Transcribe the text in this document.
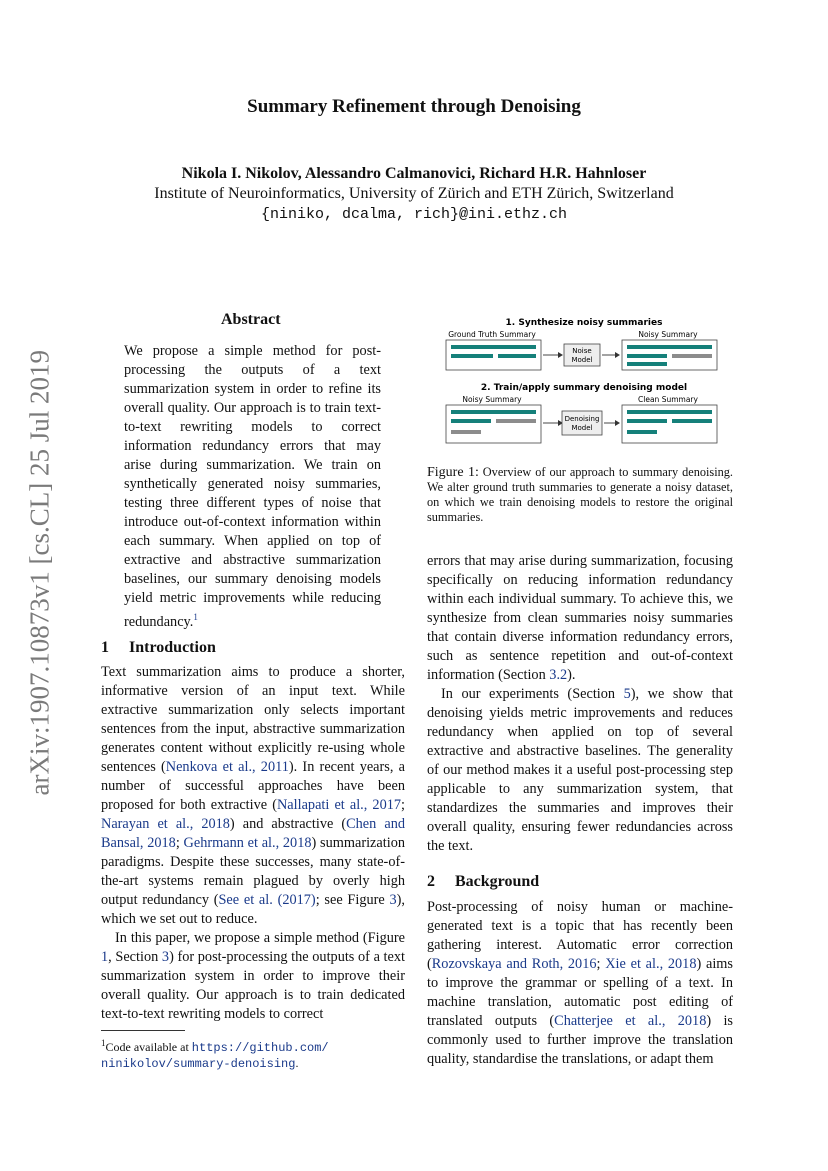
arXiv:1907.10873v1 [cs.CL] 25 Jul 2019
Summary Refinement through Denoising
Nikola I. Nikolov, Alessandro Calmanovici, Richard H.R. Hahnloser
Institute of Neuroinformatics, University of Zürich and ETH Zürich, Switzerland
{niniko, dcalma, rich}@ini.ethz.ch
Abstract
We propose a simple method for post-processing the outputs of a text summarization system in order to refine its overall quality. Our approach is to train text-to-text rewriting models to correct information redundancy errors that may arise during summarization. We train on synthetically generated noisy summaries, testing three different types of noise that introduce out-of-context information within each summary. When applied on top of extractive and abstractive summarization baselines, our summary denoising models yield metric improvements while reducing redundancy.$^1$
1 Introduction

Text summarization aims to produce a shorter, informative version of an input text. While extractive summarization only selects important sentences from the input, abstractive summarization generates content without explicitly re-using whole sentences (Nenkova et al., 2011). In recent years, a number of successful approaches have been proposed for both extractive (Nallapati et al., 2017; Narayan et al., 2018) and abstractive (Chen and Bansal, 2018; Gehrmann et al., 2018) summarization paradigms. Despite these successes, many state-of-the-art systems remain plagued by overly high output redundancy (See et al. (2017); see Figure 3), which we set out to reduce.

In this paper, we propose a simple method (Figure 1, Section 3) for post-processing the outputs of a text summarization system in order to improve their overall quality. Our approach is to train dedicated text-to-text rewriting models to correct

$^1$Code available at https://github.com/ ninikolov/summary-denoising.
1. Synthesize noisy summaries
Ground Truth Summary	Noisy Summary
Noise
Model
2. Train/apply summary denoising model
Noisy Summary	Clean Summary
Denoising
Model
Figure 1: Overview of our approach to summary denoising. We alter ground truth summaries to generate a noisy dataset, on which we train denoising models to restore the original summaries.

errors that may arise during summarization, focusing specifically on reducing information redundancy within each individual summary. To achieve this, we synthesize from clean summaries noisy summaries that contain diverse information redundancy errors, such as sentence repetition and out-of-context information (Section 3.2).

In our experiments (Section 5), we show that denoising yields metric improvements and reduces redundancy when applied on top of several extractive and abstractive baselines. The generality of our method makes it a useful post-processing step applicable to any summarization system, that standardizes the summaries and improves their overall quality, ensuring fewer redundancies across the text.

2 Background

Post-processing of noisy human or machine-generated text is a topic that has recently been gathering interest. Automatic error correction (Rozovskaya and Roth, 2016; Xie et al., 2018) aims to improve the grammar or spelling of a text. In machine translation, automatic post editing of translated outputs (Chatterjee et al., 2018) is commonly used to further improve the translation quality, standardise the translations, or adapt them
